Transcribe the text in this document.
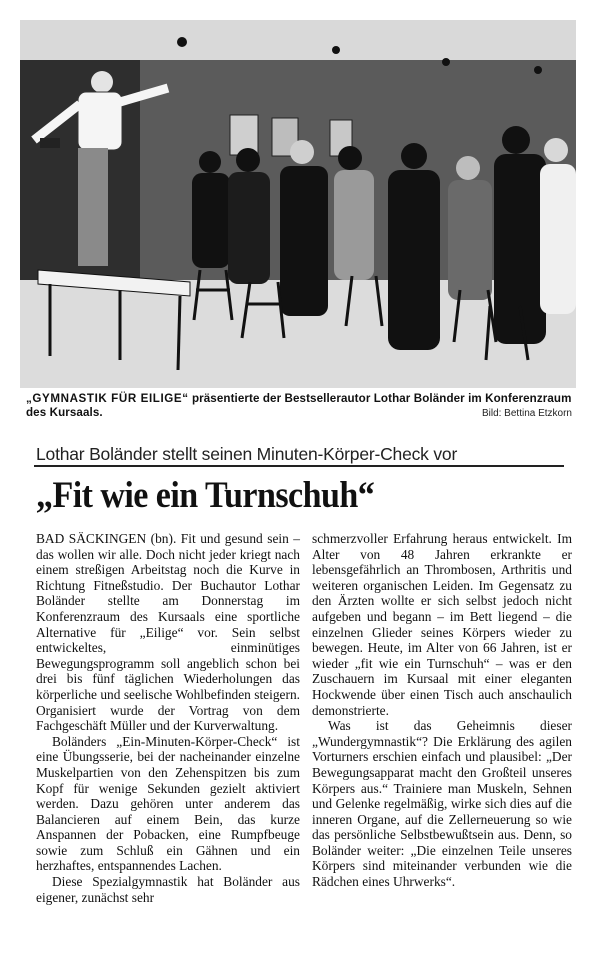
„GYMNASTIK FÜR EILIGE“ präsentierte der Bestsellerautor Lothar Boländer im Konferenzraum des Kursaals.	Bild: Bettina Etzkorn
Lothar Boländer stellt seinen Minuten-Körper-Check vor
„Fit wie ein Turnschuh“

BAD SÄCKINGEN (bn). Fit und gesund sein – das wollen wir alle. Doch nicht jeder kriegt nach einem streßigen Arbeitstag noch die Kurve in Richtung Fitneßstudio. Der Buchautor Lothar Boländer stellte am Donnerstag im Konferenzraum des Kursaals eine sportliche Alternative für „Eilige“ vor. Sein selbst entwickeltes, einminütiges Bewegungsprogramm soll angeblich schon bei drei bis fünf täglichen Wiederholungen das körperliche und seelische Wohlbefinden steigern. Organisiert wurde der Vortrag von dem Fachgeschäft Müller und der Kurverwaltung.

Boländers „Ein-Minuten-Körper-Check“ ist eine Übungsserie, bei der nacheinander einzelne Muskelpartien von den Zehenspitzen bis zum Kopf für wenige Sekunden gezielt aktiviert werden. Dazu gehören unter anderem das Balancieren auf einem Bein, das kurze Anspannen der Pobacken, eine Rumpfbeuge sowie zum Schluß ein Gähnen und ein herzhaftes, entspannendes Lachen.

Diese Spezialgymnastik hat Boländer aus eigener, zunächst sehr

schmerzvoller Erfahrung heraus entwickelt. Im Alter von 48 Jahren erkrankte er lebensgefährlich an Thrombosen, Arthritis und weiteren organischen Leiden. Im Gegensatz zu den Ärzten wollte er sich selbst jedoch nicht aufgeben und begann – im Bett liegend – die einzelnen Glieder seines Körpers wieder zu bewegen. Heute, im Alter von 66 Jahren, ist er wieder „fit wie ein Turnschuh“ – was er den Zuschauern im Kursaal mit einer eleganten Hockwende über einen Tisch auch anschaulich demonstrierte.

Was ist das Geheimnis dieser „Wundergymnastik“? Die Erklärung des agilen Vorturners erschien einfach und plausibel: „Der Bewegungsapparat macht den Großteil unseres Körpers aus.“ Trainiere man Muskeln, Sehnen und Gelenke regelmäßig, wirke sich dies auf die inneren Organe, auf die Zellerneuerung so wie das persönliche Selbstbewußtsein aus. Denn, so Boländer weiter: „Die einzelnen Teile unseres Körpers sind miteinander verbunden wie die Rädchen eines Uhrwerks“.
